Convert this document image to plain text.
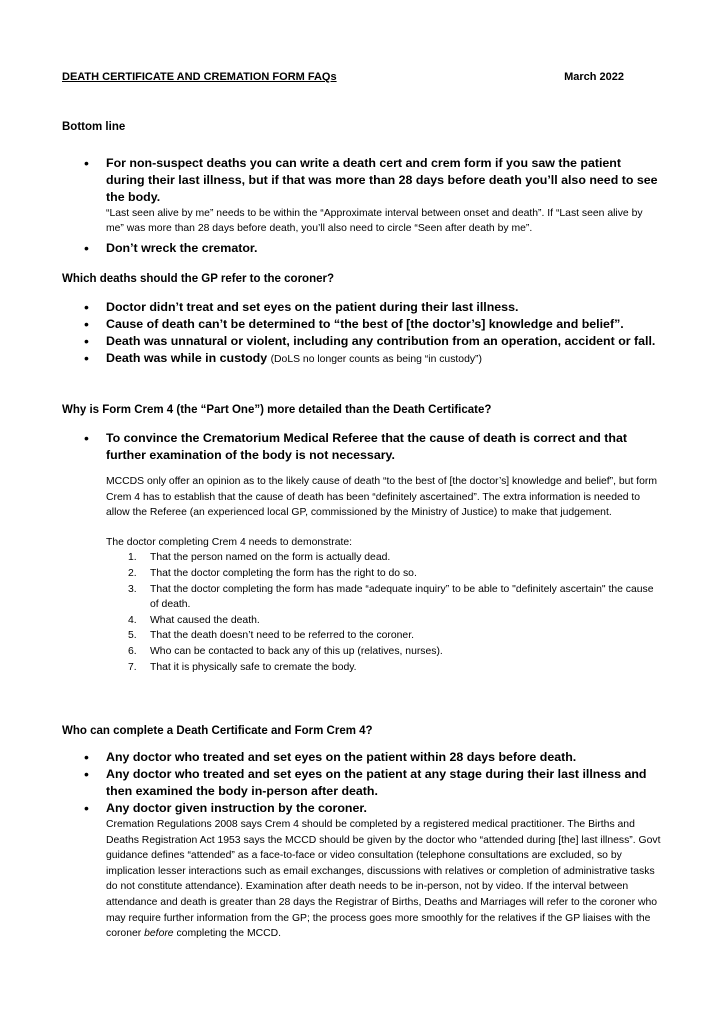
DEATH CERTIFICATE AND CREMATION FORM FAQs	March 2022
Bottom line
• For non-suspect deaths you can write a death cert and crem form if you saw the patient during their last illness, but if that was more than 28 days before death you’ll also need to see the body.
“Last seen alive by me” needs to be within the “Approximate interval between onset and death”. If “Last seen alive by me” was more than 28 days before death, you’ll also need to circle “Seen after death by me”.
• Don’t wreck the cremator.
Which deaths should the GP refer to the coroner?
• Doctor didn’t treat and set eyes on the patient during their last illness.
• Cause of death can’t be determined to “the best of [the doctor’s] knowledge and belief”.
• Death was unnatural or violent, including any contribution from an operation, accident or fall.
• Death was while in custody (DoLS no longer counts as being “in custody”)
Why is Form Crem 4 (the “Part One”) more detailed than the Death Certificate?
• To convince the Crematorium Medical Referee that the cause of death is correct and that further examination of the body is not necessary.
MCCDS only offer an opinion as to the likely cause of death “to the best of [the doctor’s] knowledge and belief”, but form Crem 4 has to establish that the cause of death has been “definitely ascertained”. The extra information is needed to allow the Referee (an experienced local GP, commissioned by the Ministry of Justice) to make that judgement.
The doctor completing Crem 4 needs to demonstrate:
1. That the person named on the form is actually dead.
2. That the doctor completing the form has the right to do so.
3. That the doctor completing the form has made “adequate inquiry” to be able to "definitely ascertain" the cause of death.
4. What caused the death.
5. That the death doesn’t need to be referred to the coroner.
6. Who can be contacted to back any of this up (relatives, nurses).
7. That it is physically safe to cremate the body.
Who can complete a Death Certificate and Form Crem 4?
• Any doctor who treated and set eyes on the patient within 28 days before death.
• Any doctor who treated and set eyes on the patient at any stage during their last illness and then examined the body in-person after death.
• Any doctor given instruction by the coroner.
Cremation Regulations 2008 says Crem 4 should be completed by a registered medical practitioner. The Births and Deaths Registration Act 1953 says the MCCD should be given by the doctor who “attended during [the] last illness”. Govt guidance defines “attended” as a face-to-face or video consultation (telephone consultations are excluded, so by implication lesser interactions such as email exchanges, discussions with relatives or completion of administrative tasks do not constitute attendance). Examination after death needs to be in-person, not by video. If the interval between attendance and death is greater than 28 days the Registrar of Births, Deaths and Marriages will refer to the coroner who may require further information from the GP; the process goes more smoothly for the relatives if the GP liaises with the coroner before completing the MCCD.
